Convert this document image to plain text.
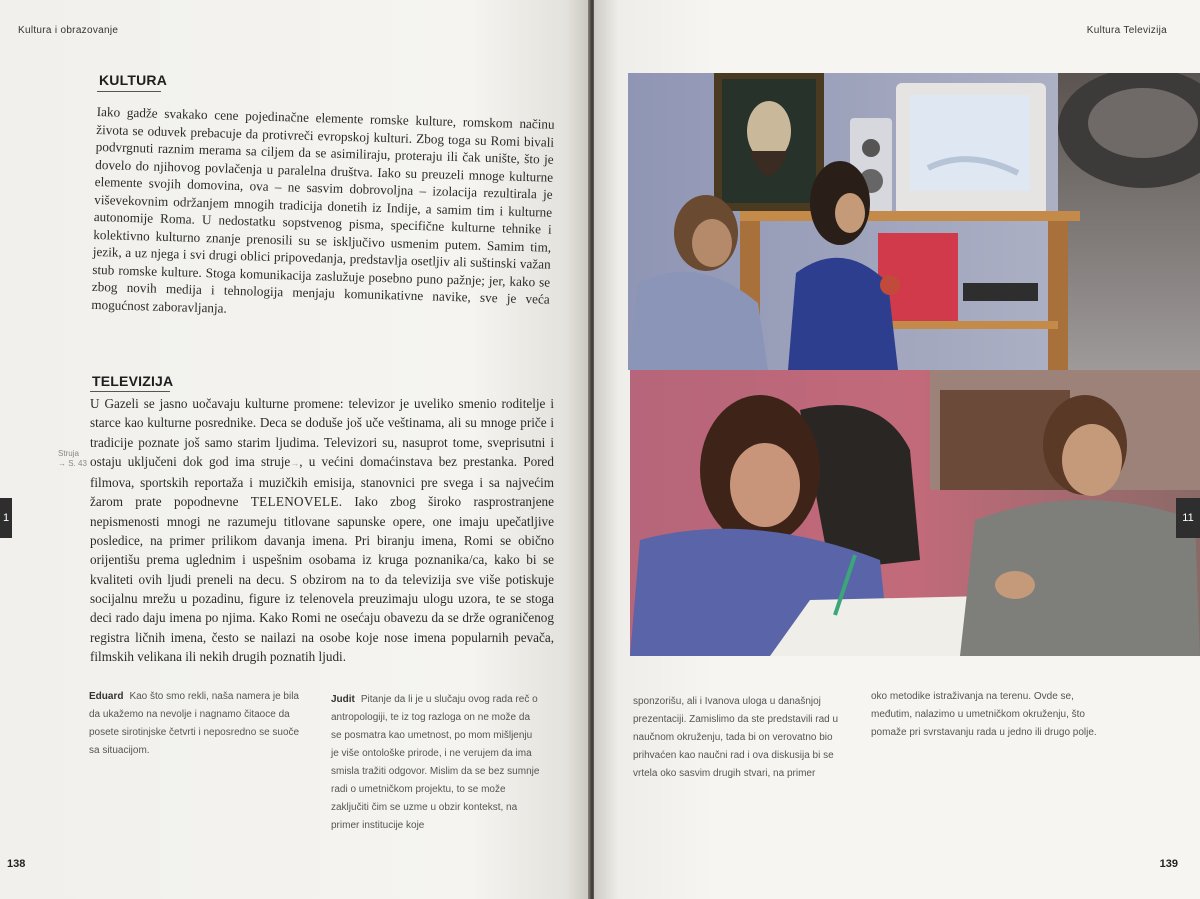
Kultura i obrazovanje
KULTURA

Iako gadže svakako cene pojedinačne elemente romske kulture, romskom načinu života se oduvek prebacuje da protivreči evropskoj kulturi. Zbog toga su Romi bivali podvrgnuti raznim merama sa ciljem da se asimiliraju, proteraju ili čak unište, što je dovelo do njihovog povlačenja u paralelna društva. Iako su preuzeli mnoge kulturne elemente svojih domovina, ova – ne sasvim dobrovoljna – izolacija rezultirala je viševekovnim održanjem mnogih tradicija donetih iz Indije, a samim tim i kulturne autonomije Roma. U nedostatku sopstvenog pisma, specifične kulturne tehnike i kolektivno kulturno znanje prenosili su se isključivo usmenim putem. Samim tim, jezik, a uz njega i svi drugi oblici pripovedanja, predstavlja osetljiv ali suštinski važan stub romske kulture. Stoga komunikacija zaslužuje posebno puno pažnje; jer, kako se zbog novih medija i tehnologija menjaju komunikativne navike, sve je veća mogućnost zaboravljanja.

TELEVIZIJA

U Gazeli se jasno uočavaju kulturne promene: televizor je uveliko smenio roditelje i starce kao kulturne posrednike. Deca se doduše još uče veštinama, ali su mnoge priče i tradicije poznate još samo starim ljudima. Televizori su, nasuprot tome, sveprisutni i ostaju uključeni dok god ima struje→, u većini domaćinstava bez prestanka. Pored filmova, sportskih reportaža i muzičkih emisija, stanovnici pre svega i sa najvećim žarom prate popodnevne TELENOVELE. Iako zbog široko rasprostranjene nepismenosti mnogi ne razumeju titlovane sapunske opere, one imaju upečatljive posledice, na primer prilikom davanja imena. Pri biranju imena, Romi se obično orijentišu prema uglednim i uspešnim osobama iz kruga poznanika/ca, kako bi se kvaliteti ovih ljudi preneli na decu. S obzirom na to da televizija sve više potiskuje socijalnu mrežu u pozadinu, figure iz telenovela preuzimaju ulogu uzora, te se stoga deci rado daju imena po njima. Kako Romi ne osećaju obavezu da se drže ograničenog registra ličnih imena, često se nailazi na osobe koje nose imena popularnih pevača, filmskih velikana ili nekih drugih poznatih ljudi.

Struja
→ S. 43
1
Eduard Kao što smo rekli, naša namera je bila da ukažemo na nevolje i nagnamo čitaoce da posete sirotinjske četvrti i neposredno se suoče sa situacijom.
Judit Pitanje da li je u slučaju ovog rada reč o antropologiji, te iz tog razloga on ne može da se posmatra kao umetnost, po mom mišljenju je više ontološke prirode, i ne verujem da ima smisla tražiti odgovor. Mislim da se bez sumnje radi o umetničkom projektu, to se može zaključiti čim se uzme u obzir kontekst, na primer institucije koje
138
Kultura Televizija
11
sponzorišu, ali i Ivanova uloga u današnjoj prezentaciji. Zamislimo da ste predstavili rad u naučnom okruženju, tada bi on verovatno bio prihvaćen kao naučni rad i ova diskusija bi se vrtela oko sasvim drugih stvari, na primer
oko metodike istraživanja na terenu. Ovde se, međutim, nalazimo u umetničkom okruženju, što pomaže pri svrstavanju rada u jedno ili drugo polje.
139
